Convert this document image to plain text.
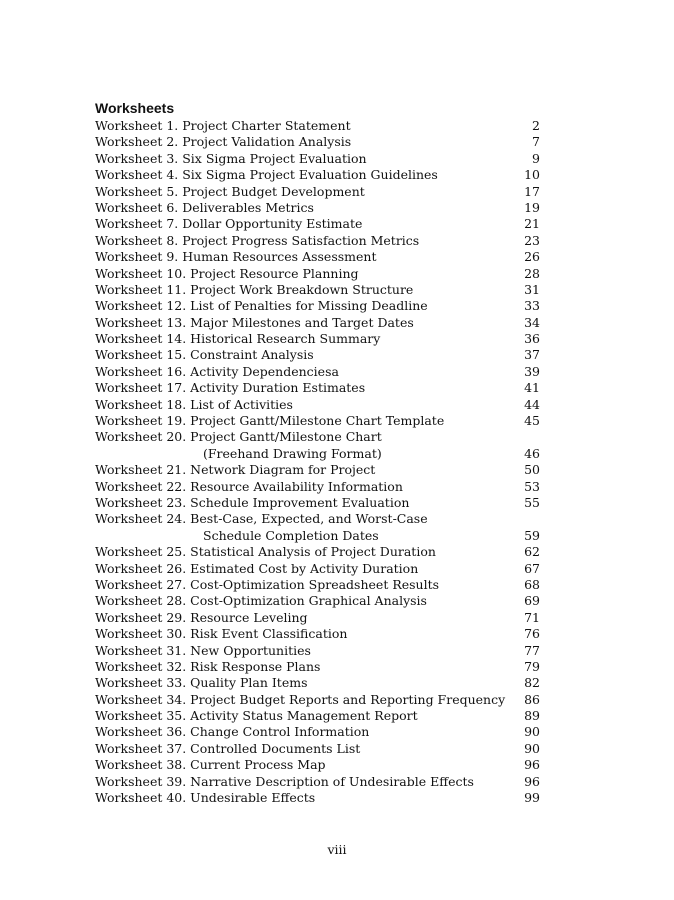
Worksheets
Worksheet 1. Project Charter Statement	2
Worksheet 2. Project Validation Analysis	7
Worksheet 3. Six Sigma Project Evaluation	9
Worksheet 4. Six Sigma Project Evaluation Guidelines	10
Worksheet 5. Project Budget Development	17
Worksheet 6. Deliverables Metrics	19
Worksheet 7. Dollar Opportunity Estimate	21
Worksheet 8. Project Progress Satisfaction Metrics	23
Worksheet 9. Human Resources Assessment	26
Worksheet 10. Project Resource Planning	28
Worksheet 11. Project Work Breakdown Structure	31
Worksheet 12. List of Penalties for Missing Deadline	33
Worksheet 13. Major Milestones and Target Dates	34
Worksheet 14. Historical Research Summary	36
Worksheet 15. Constraint Analysis	37
Worksheet 16. Activity Dependenciesa	39
Worksheet 17. Activity Duration Estimates	41
Worksheet 18. List of Activities	44
Worksheet 19. Project Gantt/Milestone Chart Template	45
Worksheet 20. Project Gantt/Milestone Chart
(Freehand Drawing Format)	46
Worksheet 21. Network Diagram for Project	50
Worksheet 22. Resource Availability Information	53
Worksheet 23. Schedule Improvement Evaluation	55
Worksheet 24. Best-Case, Expected, and Worst-Case
Schedule Completion Dates	59
Worksheet 25. Statistical Analysis of Project Duration	62
Worksheet 26. Estimated Cost by Activity Duration	67
Worksheet 27. Cost-Optimization Spreadsheet Results	68
Worksheet 28. Cost-Optimization Graphical Analysis	69
Worksheet 29. Resource Leveling	71
Worksheet 30. Risk Event Classification	76
Worksheet 31. New Opportunities	77
Worksheet 32. Risk Response Plans	79
Worksheet 33. Quality Plan Items	82
Worksheet 34. Project Budget Reports and Reporting Frequency 86
Worksheet 35. Activity Status Management Report	89
Worksheet 36. Change Control Information	90
Worksheet 37. Controlled Documents List	90
Worksheet 38. Current Process Map	96
Worksheet 39. Narrative Description of Undesirable Effects	96
Worksheet 40. Undesirable Effects	99
viii
